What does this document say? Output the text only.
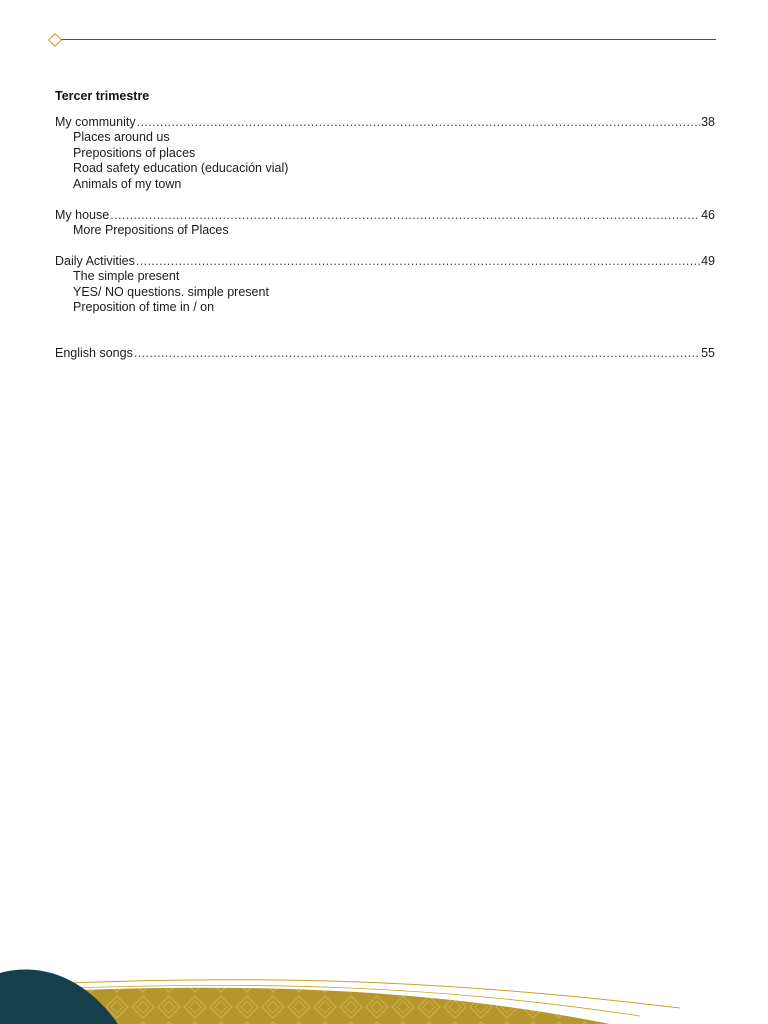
Tercer trimestre
My community .....	38
Places around us
Prepositions of places
Road safety education (educación vial)
Animals of my town
My house .....	46
More Prepositions of Places
Daily Activities .....	49
The simple present
YES/ NO questions. simple present
Preposition of time in / on
English songs .....	55
